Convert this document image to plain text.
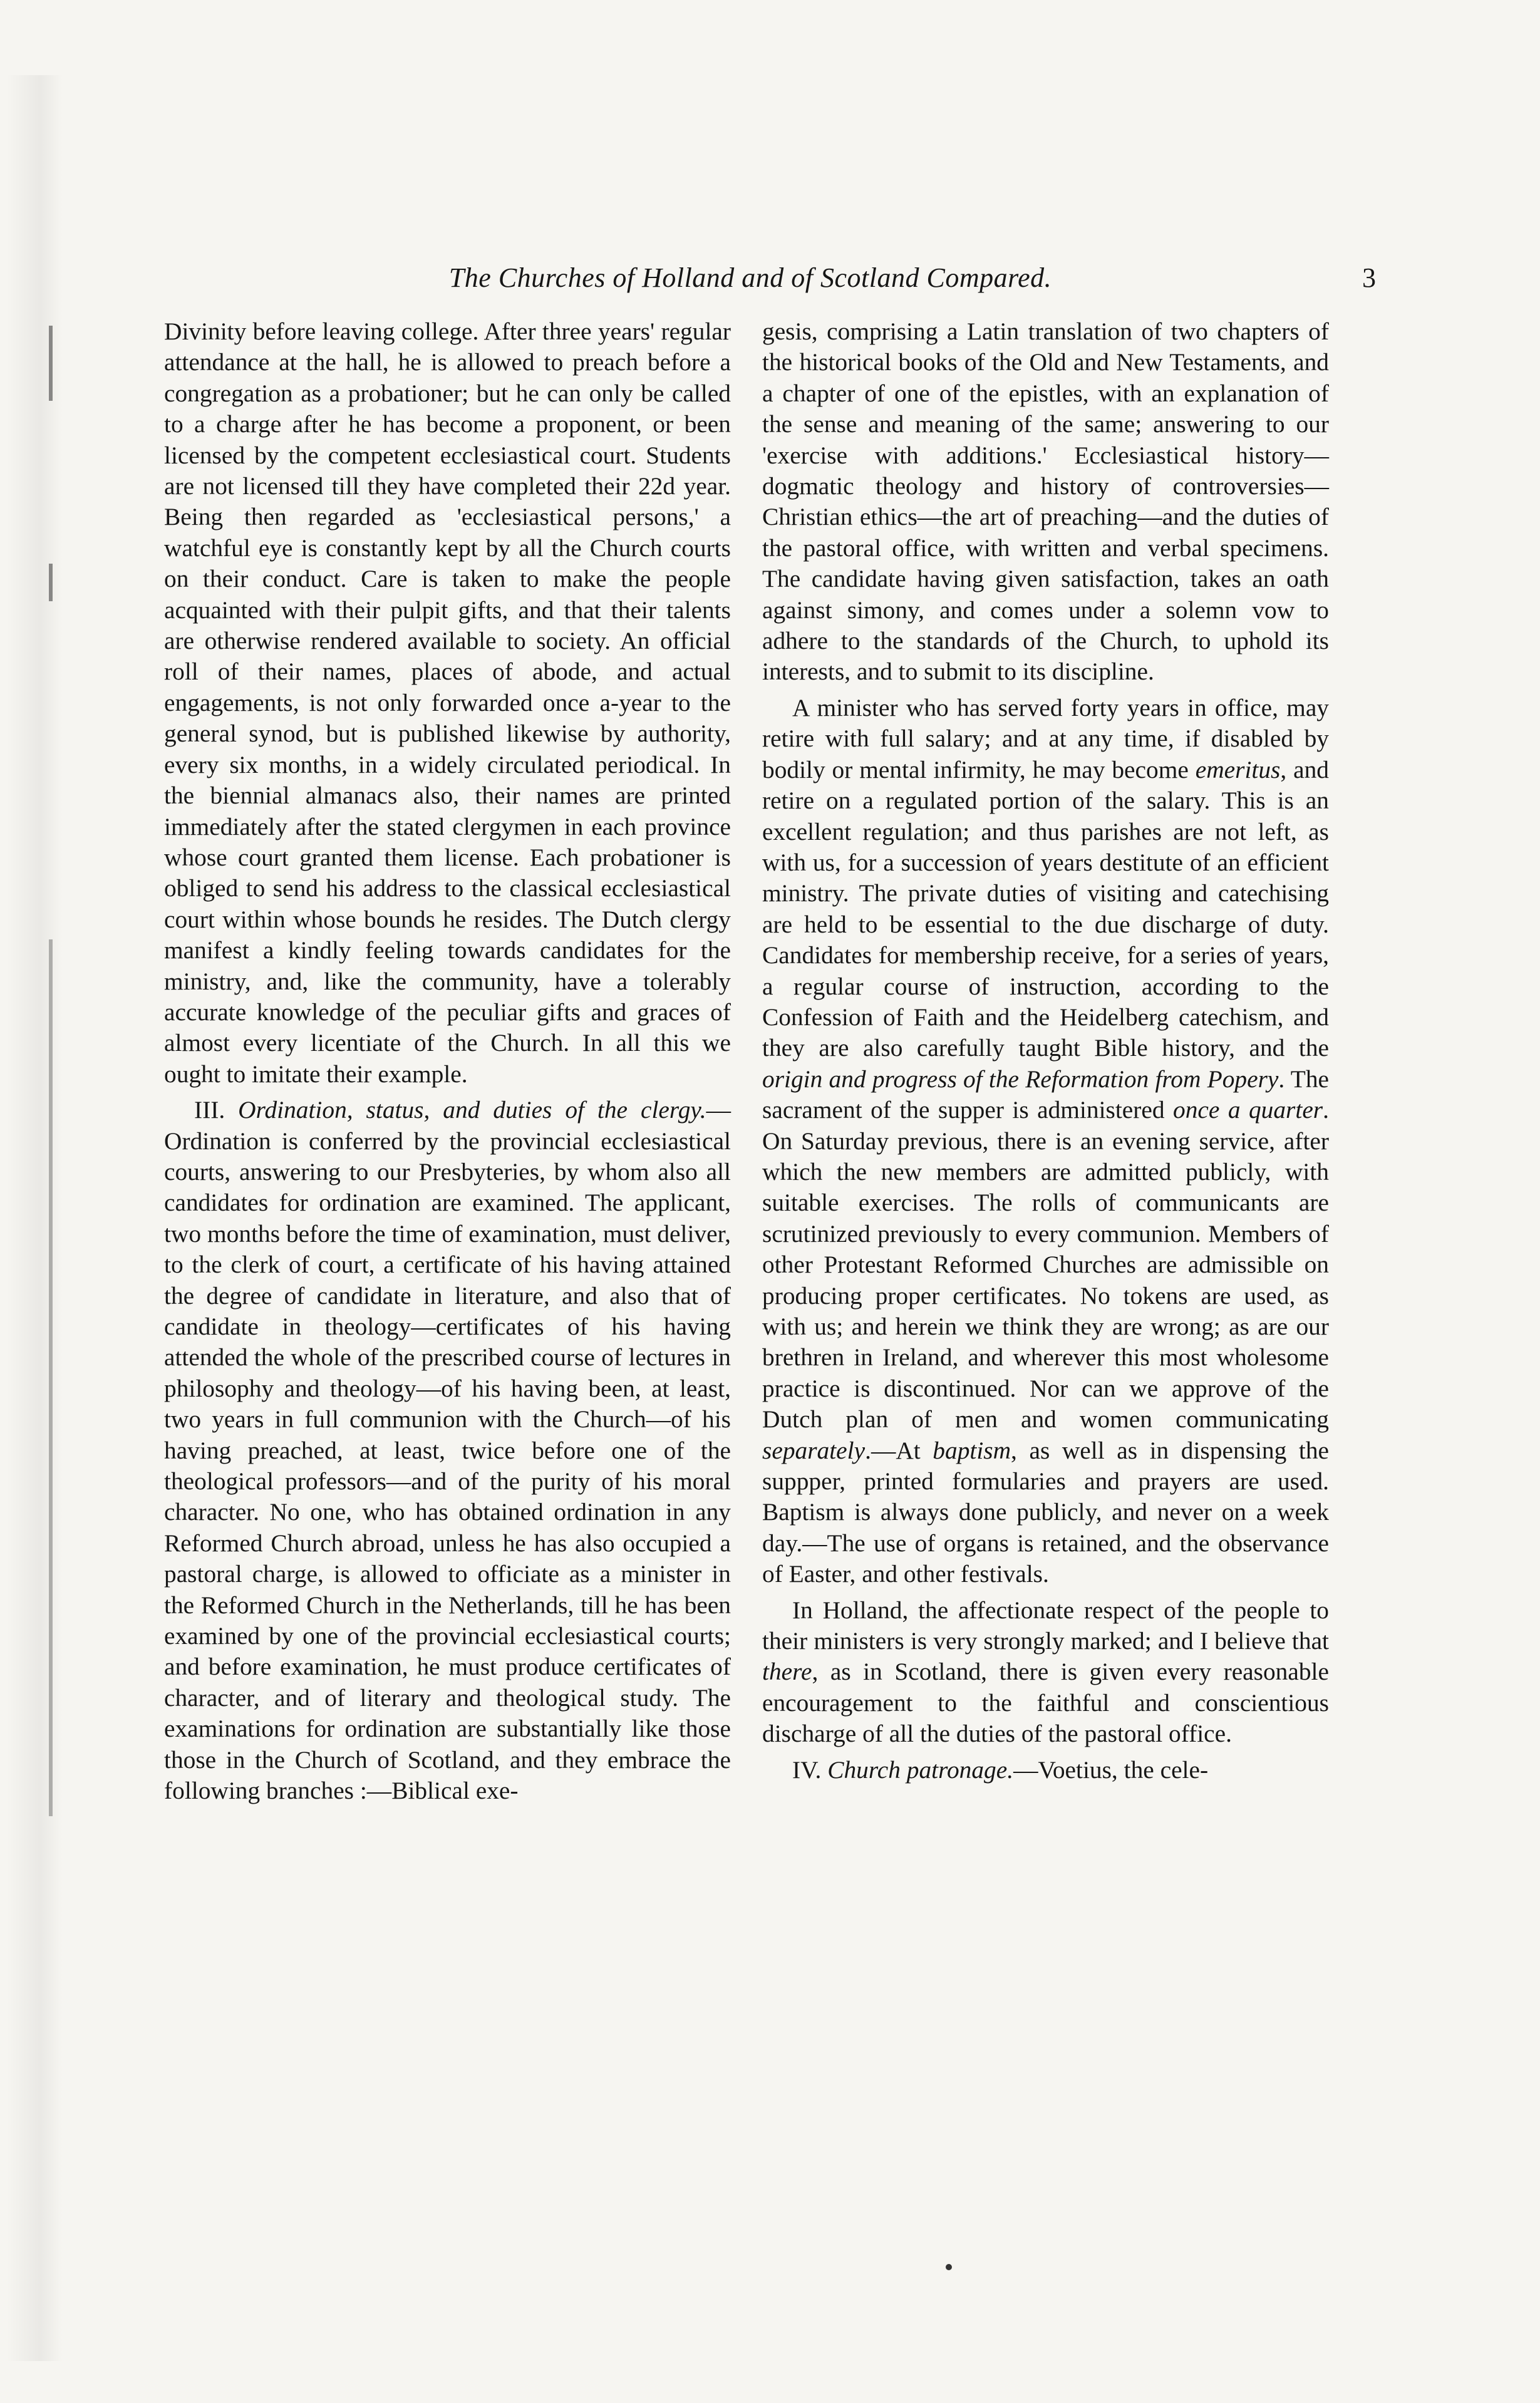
The Churches of Holland and of Scotland Compared.	3

Divinity before leaving college. After three years' regular attendance at the hall, he is allowed to preach before a congregation as a probationer; but he can only be called to a charge after he has become a proponent, or been licensed by the competent ecclesiastical court. Students are not licensed till they have completed their 22d year. Being then regarded as 'ecclesiastical persons,' a watchful eye is constantly kept by all the Church courts on their conduct. Care is taken to make the people acquainted with their pulpit gifts, and that their talents are otherwise rendered available to society. An official roll of their names, places of abode, and actual engagements, is not only forwarded once a-year to the general synod, but is published likewise by authority, every six months, in a widely circulated periodical. In the biennial almanacs also, their names are printed immediately after the stated clergymen in each province whose court granted them license. Each probationer is obliged to send his address to the classical ecclesiastical court within whose bounds he resides. The Dutch clergy manifest a kindly feeling towards candidates for the ministry, and, like the community, have a tolerably accurate knowledge of the peculiar gifts and graces of almost every licentiate of the Church. In all this we ought to imitate their example.

III. Ordination, status, and duties of the clergy.—Ordination is conferred by the provincial ecclesiastical courts, answering to our Presbyteries, by whom also all candidates for ordination are examined. The applicant, two months before the time of examination, must deliver, to the clerk of court, a certificate of his having attained the degree of candidate in literature, and also that of candidate in theology—certificates of his having attended the whole of the prescribed course of lectures in philosophy and theology—of his having been, at least, two years in full communion with the Church—of his having preached, at least, twice before one of the theological professors—and of the purity of his moral character. No one, who has obtained ordination in any Reformed Church abroad, unless he has also occupied a pastoral charge, is allowed to officiate as a minister in the Reformed Church in the Netherlands, till he has been examined by one of the provincial ecclesiastical courts; and before examination, he must produce certificates of character, and of literary and theological study. The examinations for ordination are substantially like those those in the Church of Scotland, and they embrace the following branches :—Biblical exe-

gesis, comprising a Latin translation of two chapters of the historical books of the Old and New Testaments, and a chapter of one of the epistles, with an explanation of the sense and meaning of the same; answering to our 'exercise with additions.' Ecclesiastical history—dogmatic theology and history of controversies—Christian ethics—the art of preaching—and the duties of the pastoral office, with written and verbal specimens. The candidate having given satisfaction, takes an oath against simony, and comes under a solemn vow to adhere to the standards of the Church, to uphold its interests, and to submit to its discipline.

A minister who has served forty years in office, may retire with full salary; and at any time, if disabled by bodily or mental infirmity, he may become emeritus, and retire on a regulated portion of the salary. This is an excellent regulation; and thus parishes are not left, as with us, for a succession of years destitute of an efficient ministry. The private duties of visiting and catechising are held to be essential to the due discharge of duty. Candidates for membership receive, for a series of years, a regular course of instruction, according to the Confession of Faith and the Heidelberg catechism, and they are also carefully taught Bible history, and the origin and progress of the Reformation from Popery. The sacrament of the supper is administered once a quarter. On Saturday previous, there is an evening service, after which the new members are admitted publicly, with suitable exercises. The rolls of communicants are scrutinized previously to every communion. Members of other Protestant Reformed Churches are admissible on producing proper certificates. No tokens are used, as with us; and herein we think they are wrong; as are our brethren in Ireland, and wherever this most wholesome practice is discontinued. Nor can we approve of the Dutch plan of men and women communicating separately.—At baptism, as well as in dispensing the suppper, printed formularies and prayers are used. Baptism is always done publicly, and never on a week day.—The use of organs is retained, and the observance of Easter, and other festivals.

In Holland, the affectionate respect of the people to their ministers is very strongly marked; and I believe that there, as in Scotland, there is given every reasonable encouragement to the faithful and conscientious discharge of all the duties of the pastoral office.

IV. Church patronage.—Voetius, the cele-
